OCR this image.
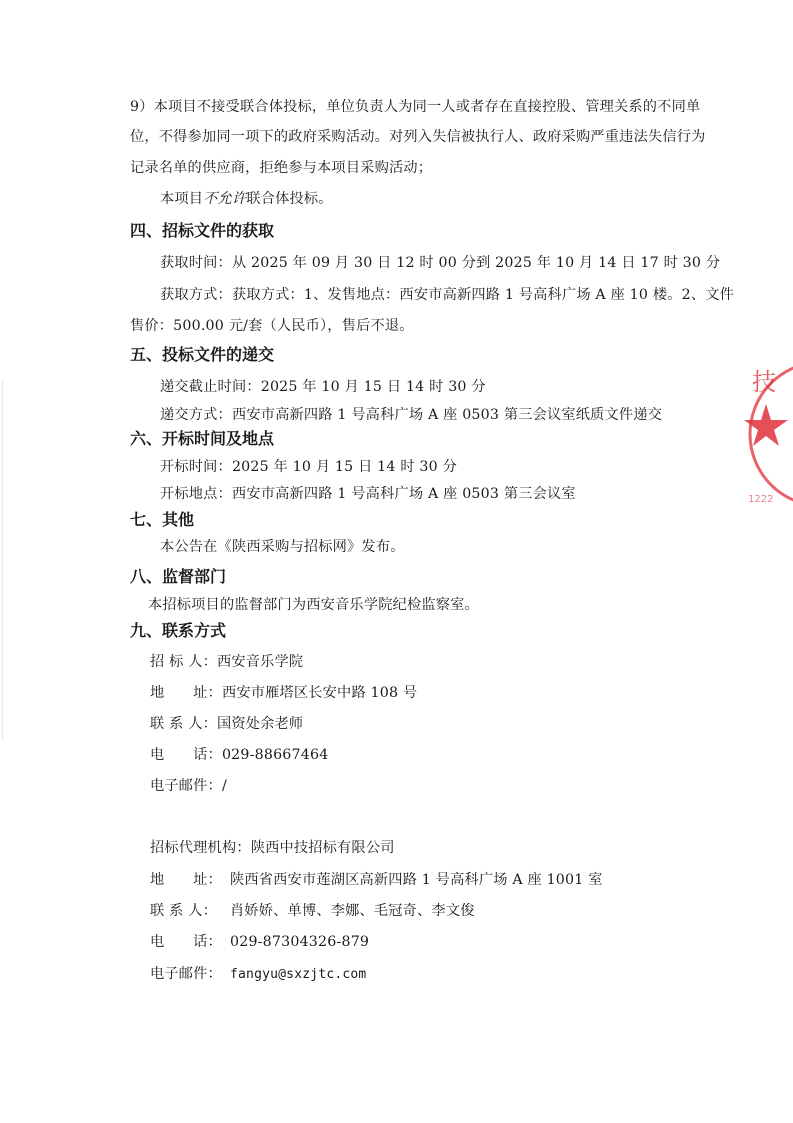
9）本项目不接受联合体投标，单位负责人为同一人或者存在直接控股、管理关系的不同单
位，不得参加同一项下的政府采购活动。对列入失信被执行人、政府采购严重违法失信行为
记录名单的供应商，拒绝参与本项目采购活动；
本项目不允许联合体投标。
四、招标文件的获取
获取时间：从 2025 年 09 月 30 日 12 时 00 分到 2025 年 10 月 14 日 17 时 30 分
获取方式：获取方式：1、发售地点：西安市高新四路 1 号高科广场 A 座 10 楼。2、文件
售价：500.00 元/套（人民币），售后不退。
五、投标文件的递交
递交截止时间：2025 年 10 月 15 日 14 时 30 分
递交方式：西安市高新四路 1 号高科广场 A 座 0503 第三会议室纸质文件递交
六、开标时间及地点
开标时间：2025 年 10 月 15 日 14 时 30 分
开标地点：西安市高新四路 1 号高科广场 A 座 0503 第三会议室
七、其他
本公告在《陕西采购与招标网》发布。
八、监督部门
本招标项目的监督部门为西安音乐学院纪检监察室。
九、联系方式
招 标 人：西安音乐学院
地　　址：西安市雁塔区长安中路 108 号
联 系 人：国资处余老师
电　　话：029-88667464
电子邮件：/
招标代理机构：陕西中技招标有限公司
地　　址： 陕西省西安市莲湖区高新四路 1 号高科广场 A 座 1001 室
联 系 人： 肖娇娇、单博、李娜、毛冠奇、李文俊
电　　话： 029-87304326-879
电子邮件： fangyu@sxzjtc.com
技
1222
